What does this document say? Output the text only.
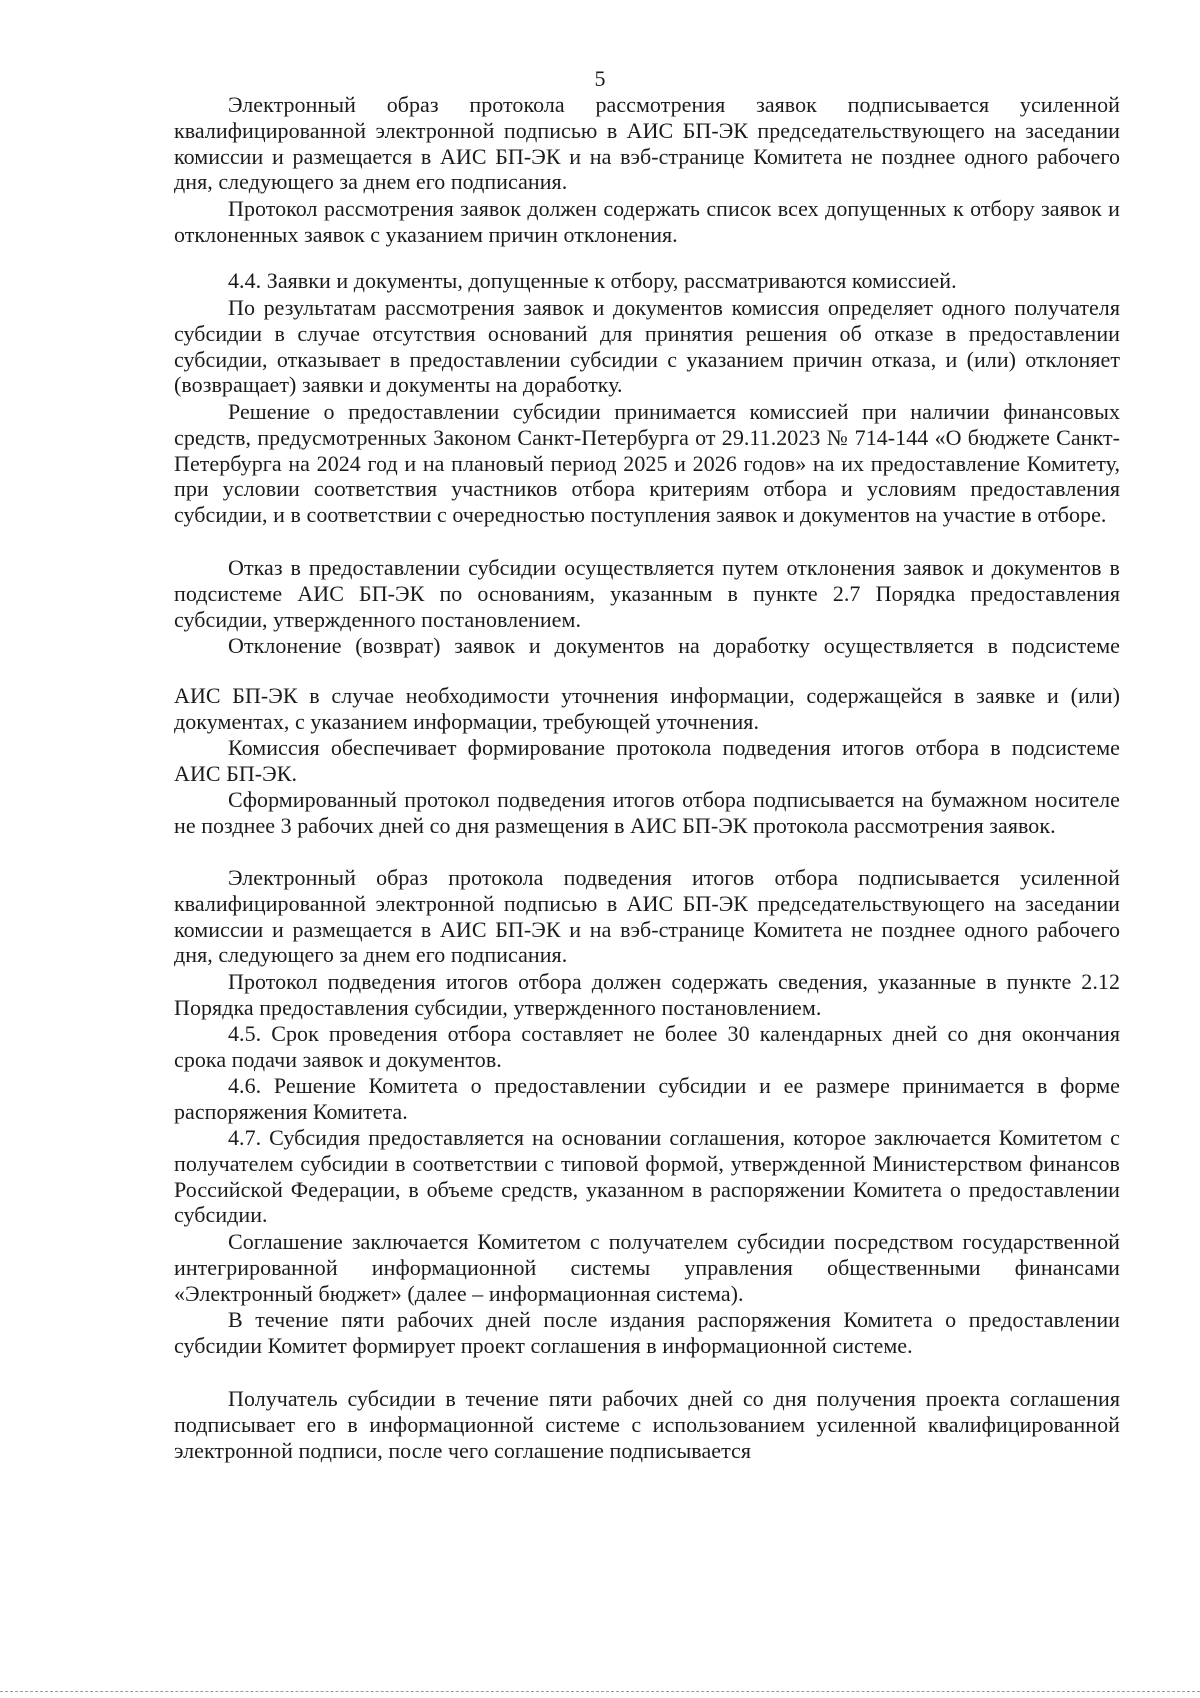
5

Электронный образ протокола рассмотрения заявок подписывается усиленной квалифицированной электронной подписью в АИС БП-ЭК председательствующего на заседании комиссии и размещается в АИС БП-ЭК и на вэб-странице Комитета не позднее одного рабочего дня, следующего за днем его подписания.

Протокол рассмотрения заявок должен содержать список всех допущенных к отбору заявок и отклоненных заявок с указанием причин отклонения.

4.4. Заявки и документы, допущенные к отбору, рассматриваются комиссией.

По результатам рассмотрения заявок и документов комиссия определяет одного получателя субсидии в случае отсутствия оснований для принятия решения об отказе в предоставлении субсидии, отказывает в предоставлении субсидии с указанием причин отказа, и (или) отклоняет (возвращает) заявки и документы на доработку.

Решение о предоставлении субсидии принимается комиссией при наличии финансовых средств, предусмотренных Законом Санкт-Петербурга от 29.11.2023 № 714-144 «О бюджете Санкт-Петербурга на 2024 год и на плановый период 2025 и 2026 годов» на их предоставление Комитету, при условии соответствия участников отбора критериям отбора и условиям предоставления субсидии, и в соответствии с очередностью поступления заявок и документов на участие в отборе.

Отказ в предоставлении субсидии осуществляется путем отклонения заявок и документов в подсистеме АИС БП-ЭК по основаниям, указанным в пункте 2.7 Порядка предоставления субсидии, утвержденного постановлением.

Отклонение (возврат) заявок и документов на доработку осуществляется в подсистеме

АИС БП-ЭК в случае необходимости уточнения информации, содержащейся в заявке и (или) документах, с указанием информации, требующей уточнения.

Комиссия обеспечивает формирование протокола подведения итогов отбора в подсистеме АИС БП-ЭК.

Сформированный протокол подведения итогов отбора подписывается на бумажном носителе не позднее 3 рабочих дней со дня размещения в АИС БП-ЭК протокола рассмотрения заявок.

Электронный образ протокола подведения итогов отбора подписывается усиленной квалифицированной электронной подписью в АИС БП-ЭК председательствующего на заседании комиссии и размещается в АИС БП-ЭК и на вэб-странице Комитета не позднее одного рабочего дня, следующего за днем его подписания.

Протокол подведения итогов отбора должен содержать сведения, указанные в пункте 2.12 Порядка предоставления субсидии, утвержденного постановлением.

4.5. Срок проведения отбора составляет не более 30 календарных дней со дня окончания срока подачи заявок и документов.

4.6. Решение Комитета о предоставлении субсидии и ее размере принимается в форме распоряжения Комитета.

4.7. Субсидия предоставляется на основании соглашения, которое заключается Комитетом с получателем субсидии в соответствии с типовой формой, утвержденной Министерством финансов Российской Федерации, в объеме средств, указанном в распоряжении Комитета о предоставлении субсидии.

Соглашение заключается Комитетом с получателем субсидии посредством государственной интегрированной информационной системы управления общественными финансами «Электронный бюджет» (далее – информационная система).

В течение пяти рабочих дней после издания распоряжения Комитета о предоставлении субсидии Комитет формирует проект соглашения в информационной системе.

Получатель субсидии в течение пяти рабочих дней со дня получения проекта соглашения подписывает его в информационной системе с использованием усиленной квалифицированной электронной подписи, после чего соглашение подписывается
